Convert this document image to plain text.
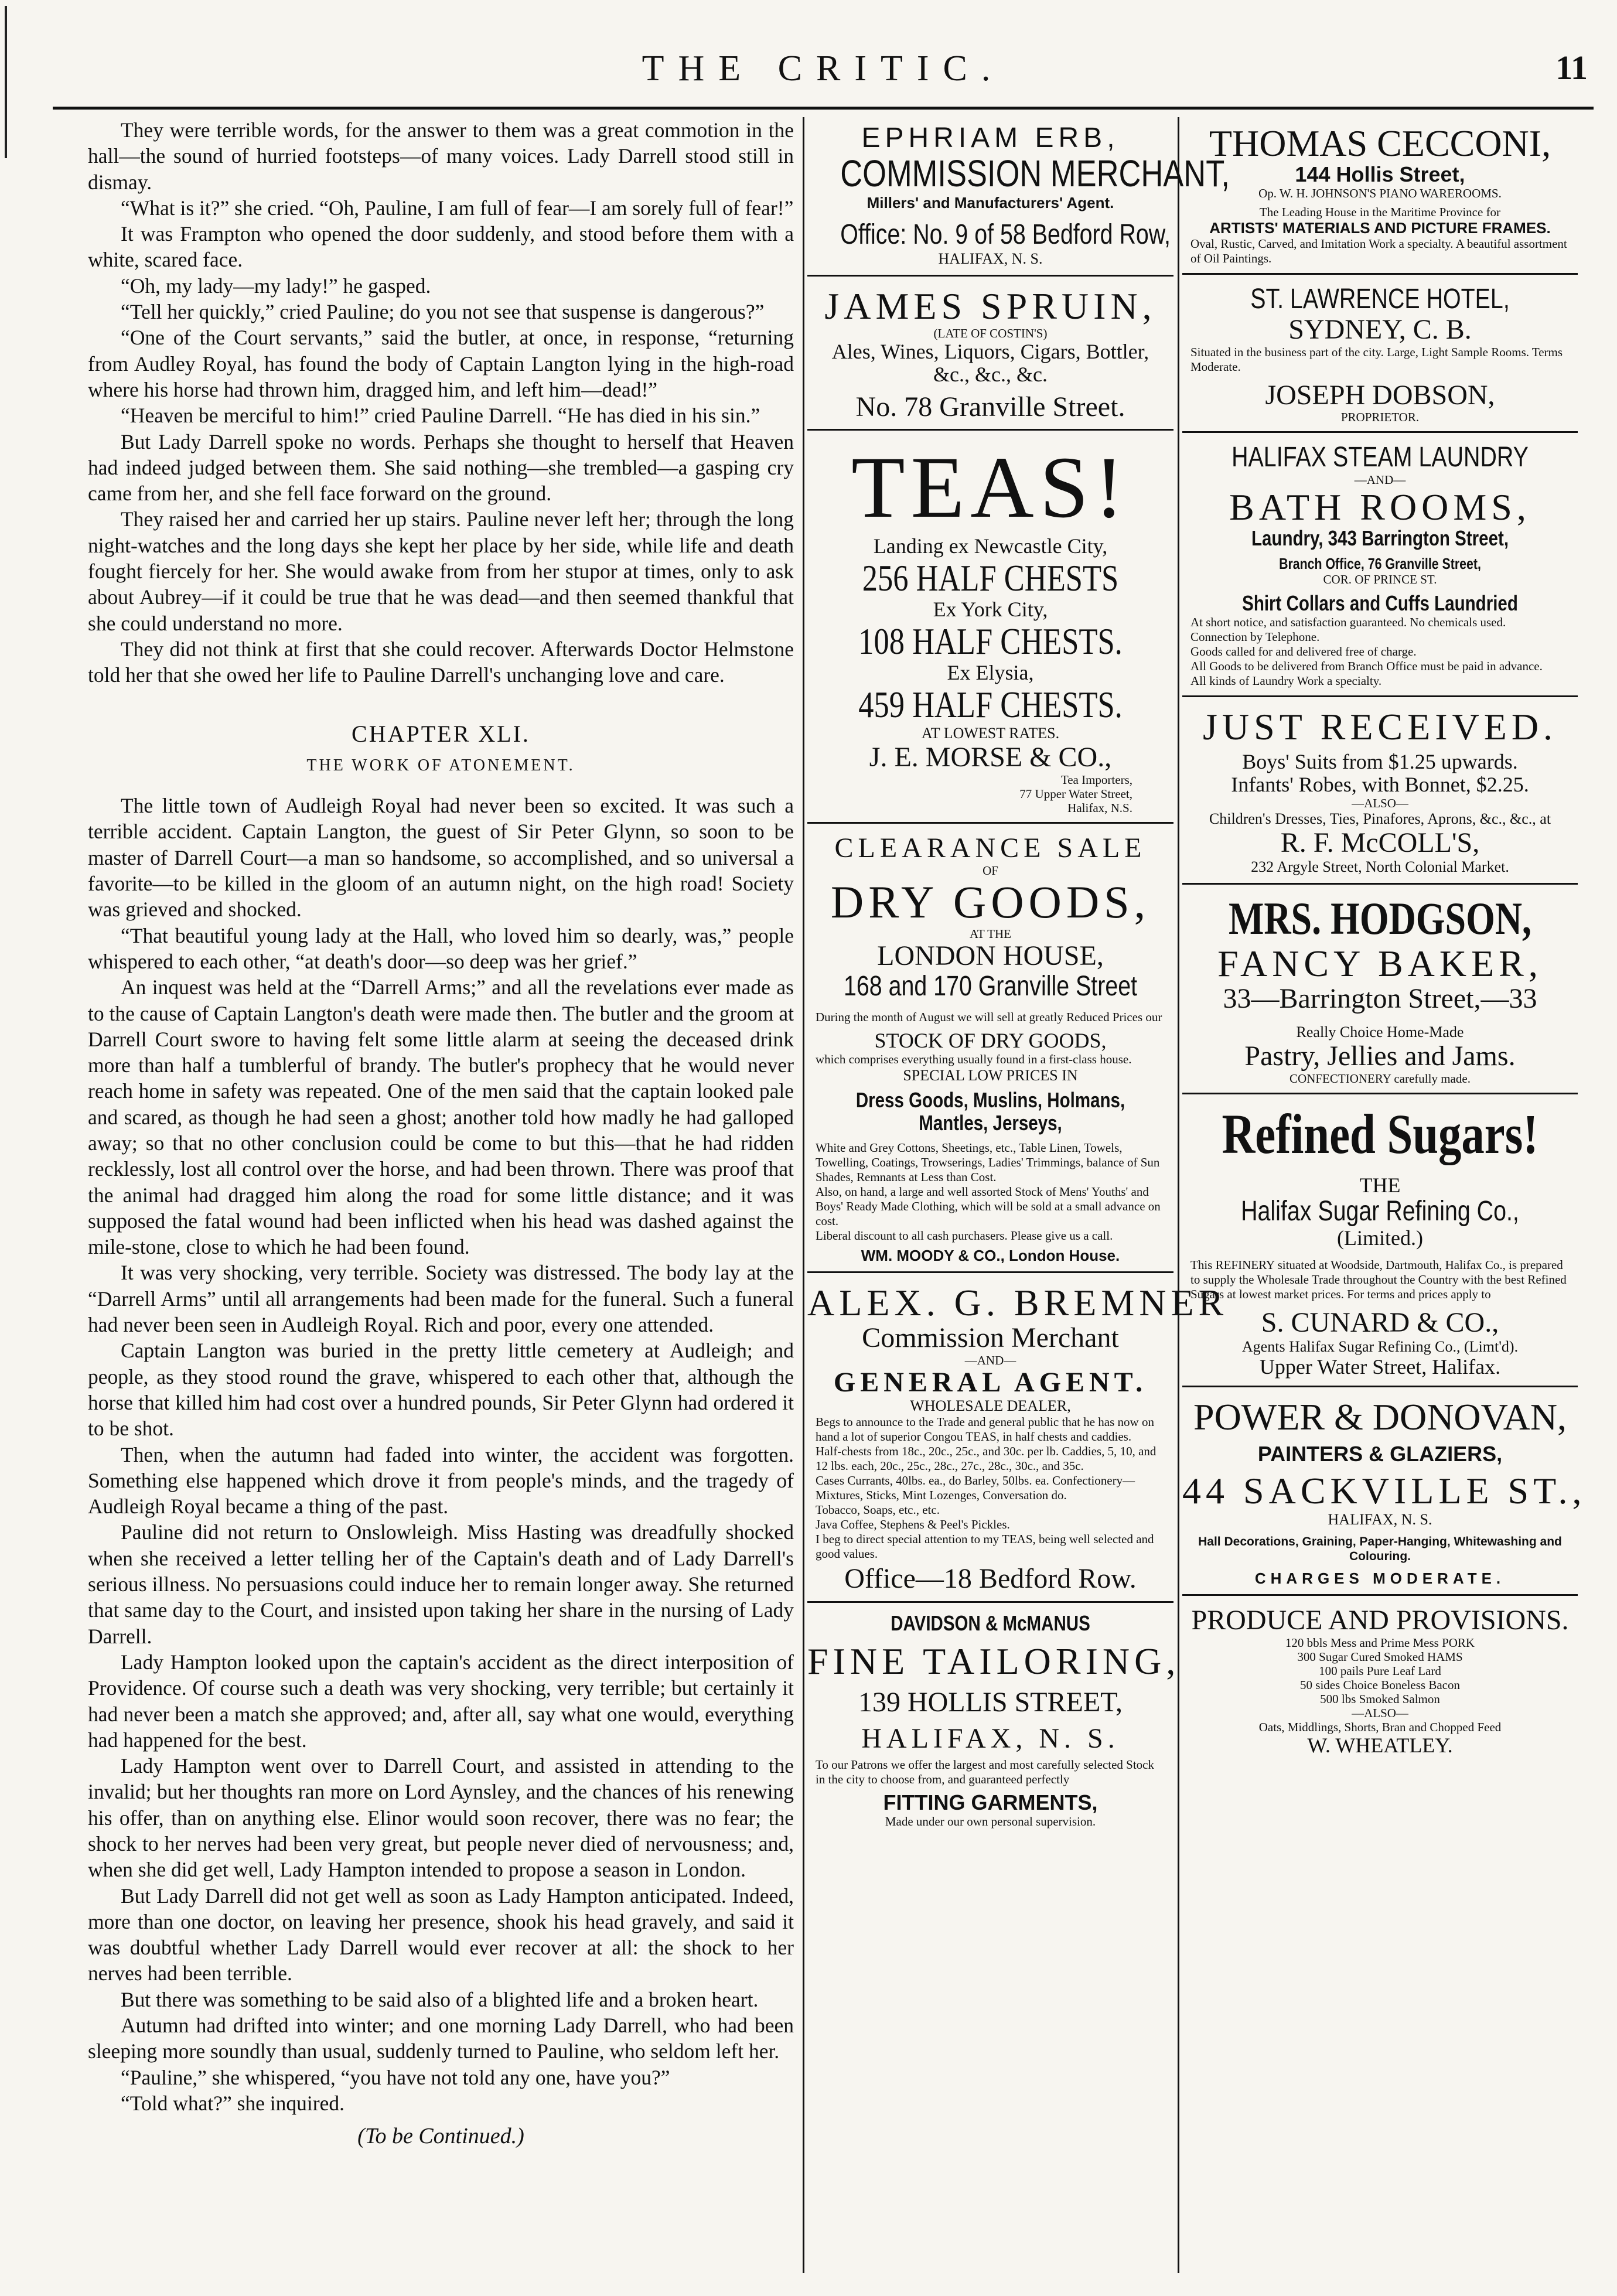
THE CRITIC.	11

They were terrible words, for the answer to them was a great commotion in the hall—the sound of hurried footsteps—of many voices. Lady Darrell stood still in dismay.

“What is it?” she cried. “Oh, Pauline, I am full of fear—I am sorely full of fear!”

It was Frampton who opened the door suddenly, and stood before them with a white, scared face.

“Oh, my lady—my lady!” he gasped.

“Tell her quickly,” cried Pauline; do you not see that suspense is dangerous?”

“One of the Court servants,” said the butler, at once, in response, “returning from Audley Royal, has found the body of Captain Langton lying in the high-road where his horse had thrown him, dragged him, and left him—dead!”

“Heaven be merciful to him!” cried Pauline Darrell. “He has died in his sin.”

But Lady Darrell spoke no words. Perhaps she thought to herself that Heaven had indeed judged between them. She said nothing—she trembled—a gasping cry came from her, and she fell face forward on the ground.

They raised her and carried her up stairs. Pauline never left her; through the long night-watches and the long days she kept her place by her side, while life and death fought fiercely for her. She would awake from from her stupor at times, only to ask about Aubrey—if it could be true that he was dead—and then seemed thankful that she could understand no more.

They did not think at first that she could recover. Afterwards Doctor Helmstone told her that she owed her life to Pauline Darrell's unchanging love and care.

CHAPTER XLI.
THE WORK OF ATONEMENT.

The little town of Audleigh Royal had never been so excited. It was such a terrible accident. Captain Langton, the guest of Sir Peter Glynn, so soon to be master of Darrell Court—a man so handsome, so accomplished, and so universal a favorite—to be killed in the gloom of an autumn night, on the high road! Society was grieved and shocked.

“That beautiful young lady at the Hall, who loved him so dearly, was,” people whispered to each other, “at death's door—so deep was her grief.”

An inquest was held at the “Darrell Arms;” and all the revelations ever made as to the cause of Captain Langton's death were made then. The butler and the groom at Darrell Court swore to having felt some little alarm at seeing the deceased drink more than half a tumblerful of brandy. The butler's prophecy that he would never reach home in safety was repeated. One of the men said that the captain looked pale and scared, as though he had seen a ghost; another told how madly he had galloped away; so that no other conclusion could be come to but this—that he had ridden recklessly, lost all control over the horse, and had been thrown. There was proof that the animal had dragged him along the road for some little distance; and it was supposed the fatal wound had been inflicted when his head was dashed against the mile-stone, close to which he had been found.

It was very shocking, very terrible. Society was distressed. The body lay at the “Darrell Arms” until all arrangements had been made for the funeral. Such a funeral had never been seen in Audleigh Royal. Rich and poor, every one attended.

Captain Langton was buried in the pretty little cemetery at Audleigh; and people, as they stood round the grave, whispered to each other that, although the horse that killed him had cost over a hundred pounds, Sir Peter Glynn had ordered it to be shot.

Then, when the autumn had faded into winter, the accident was forgotten. Something else happened which drove it from people's minds, and the tragedy of Audleigh Royal became a thing of the past.

Pauline did not return to Onslowleigh. Miss Hasting was dreadfully shocked when she received a letter telling her of the Captain's death and of Lady Darrell's serious illness. No persuasions could induce her to remain longer away. She returned that same day to the Court, and insisted upon taking her share in the nursing of Lady Darrell.

Lady Hampton looked upon the captain's accident as the direct interposition of Providence. Of course such a death was very shocking, very terrible; but certainly it had never been a match she approved; and, after all, say what one would, everything had happened for the best.

Lady Hampton went over to Darrell Court, and assisted in attending to the invalid; but her thoughts ran more on Lord Aynsley, and the chances of his renewing his offer, than on anything else. Elinor would soon recover, there was no fear; the shock to her nerves had been very great, but people never died of nervousness; and, when she did get well, Lady Hampton intended to propose a season in London.

But Lady Darrell did not get well as soon as Lady Hampton anticipated. Indeed, more than one doctor, on leaving her presence, shook his head gravely, and said it was doubtful whether Lady Darrell would ever recover at all: the shock to her nerves had been terrible.

But there was something to be said also of a blighted life and a broken heart.

Autumn had drifted into winter; and one morning Lady Darrell, who had been sleeping more soundly than usual, suddenly turned to Pauline, who seldom left her.

“Pauline,” she whispered, “you have not told any one, have you?”

“Told what?” she inquired.

(To be Continued.)
EPHRIAM ERB,
COMMISSION MERCHANT,
Millers' and Manufacturers' Agent.
Office: No. 9 of 58 Bedford Row,
HALIFAX, N. S.
JAMES SPRUIN,
(LATE OF COSTIN'S)
Ales, Wines, Liquors, Cigars, Bottler,
&c., &c., &c.
No. 78 Granville Street.
TEAS!
Landing ex Newcastle City,
256 HALF CHESTS
Ex York City,
108 HALF CHESTS.
Ex Elysia,
459 HALF CHESTS.
AT LOWEST RATES.
J. E. MORSE & CO.,
Tea Importers,
77 Upper Water Street,
Halifax, N.S.
CLEARANCE SALE
OF
DRY GOODS,
AT THE
LONDON HOUSE,
168 and 170 Granville Street
During the month of August we will sell at greatly Reduced Prices our
STOCK OF DRY GOODS,
which comprises everything usually found in a first-class house.
SPECIAL LOW PRICES IN
Dress Goods, Muslins, Holmans,
Mantles, Jerseys,
White and Grey Cottons, Sheetings, etc., Table Linen, Towels, Towelling, Coatings, Trowserings, Ladies' Trimmings, balance of Sun Shades, Remnants at Less than Cost.
Also, on hand, a large and well assorted Stock of Mens' Youths' and Boys' Ready Made Clothing, which will be sold at a small advance on cost.
Liberal discount to all cash purchasers. Please give us a call.
WM. MOODY & CO., London House.
ALEX. G. BREMNER
Commission Merchant
—AND—
GENERAL AGENT.
WHOLESALE DEALER,
Begs to announce to the Trade and general public that he has now on hand a lot of superior Congou TEAS, in half chests and caddies.
Half-chests from 18c., 20c., 25c., and 30c. per lb. Caddies, 5, 10, and 12 lbs. each, 20c., 25c., 28c., 27c., 28c., 30c., and 35c.
Cases Currants, 40lbs. ea., do Barley, 50lbs. ea. Confectionery—Mixtures, Sticks, Mint Lozenges, Conversation do.
Tobacco, Soaps, etc., etc.
Java Coffee, Stephens & Peel's Pickles.
I beg to direct special attention to my TEAS, being well selected and good values.
Office—18 Bedford Row.
DAVIDSON & McMANUS
FINE TAILORING,
139 HOLLIS STREET,
HALIFAX, N. S.
To our Patrons we offer the largest and most carefully selected Stock in the city to choose from, and guaranteed perfectly
FITTING GARMENTS,
Made under our own personal supervision.
THOMAS CECCONI,
144 Hollis Street,
Op. W. H. JOHNSON'S PIANO WAREROOMS.
The Leading House in the Maritime Province for
ARTISTS' MATERIALS AND PICTURE FRAMES.
Oval, Rustic, Carved, and Imitation Work a specialty. A beautiful assortment of Oil Paintings.
ST. LAWRENCE HOTEL,
SYDNEY, C. B.
Situated in the business part of the city. Large, Light Sample Rooms. Terms Moderate.
JOSEPH DOBSON,
PROPRIETOR.
HALIFAX STEAM LAUNDRY
—AND—
BATH ROOMS,
Laundry, 343 Barrington Street,
Branch Office, 76 Granville Street,
COR. OF PRINCE ST.
Shirt Collars and Cuffs Laundried
At short notice, and satisfaction guaranteed. No chemicals used.
Connection by Telephone.
Goods called for and delivered free of charge.
All Goods to be delivered from Branch Office must be paid in advance.
All kinds of Laundry Work a specialty.
JUST RECEIVED.
Boys' Suits from $1.25 upwards.
Infants' Robes, with Bonnet, $2.25.
—ALSO—
Children's Dresses, Ties, Pinafores, Aprons, &c., &c., at
R. F. McCOLL'S,
232 Argyle Street, North Colonial Market.
MRS. HODGSON,
FANCY BAKER,
33—Barrington Street,—33
Really Choice Home-Made
Pastry, Jellies and Jams.
CONFECTIONERY carefully made.
Refined Sugars!
THE
Halifax Sugar Refining Co.,
(Limited.)
This REFINERY situated at Woodside, Dartmouth, Halifax Co., is prepared to supply the Wholesale Trade throughout the Country with the best Refined Sugars at lowest market prices. For terms and prices apply to
S. CUNARD & CO.,
Agents Halifax Sugar Refining Co., (Limt'd).
Upper Water Street, Halifax.
POWER & DONOVAN,
PAINTERS & GLAZIERS,
44 SACKVILLE ST.,
HALIFAX, N. S.
Hall Decorations, Graining, Paper-Hanging, Whitewashing and Colouring.
CHARGES MODERATE.
PRODUCE AND PROVISIONS.
120 bbls Mess and Prime Mess PORK
300 Sugar Cured Smoked HAMS
100 pails Pure Leaf Lard
50 sides Choice Boneless Bacon
500 lbs Smoked Salmon
—ALSO—
Oats, Middlings, Shorts, Bran and Chopped Feed
W. WHEATLEY.
